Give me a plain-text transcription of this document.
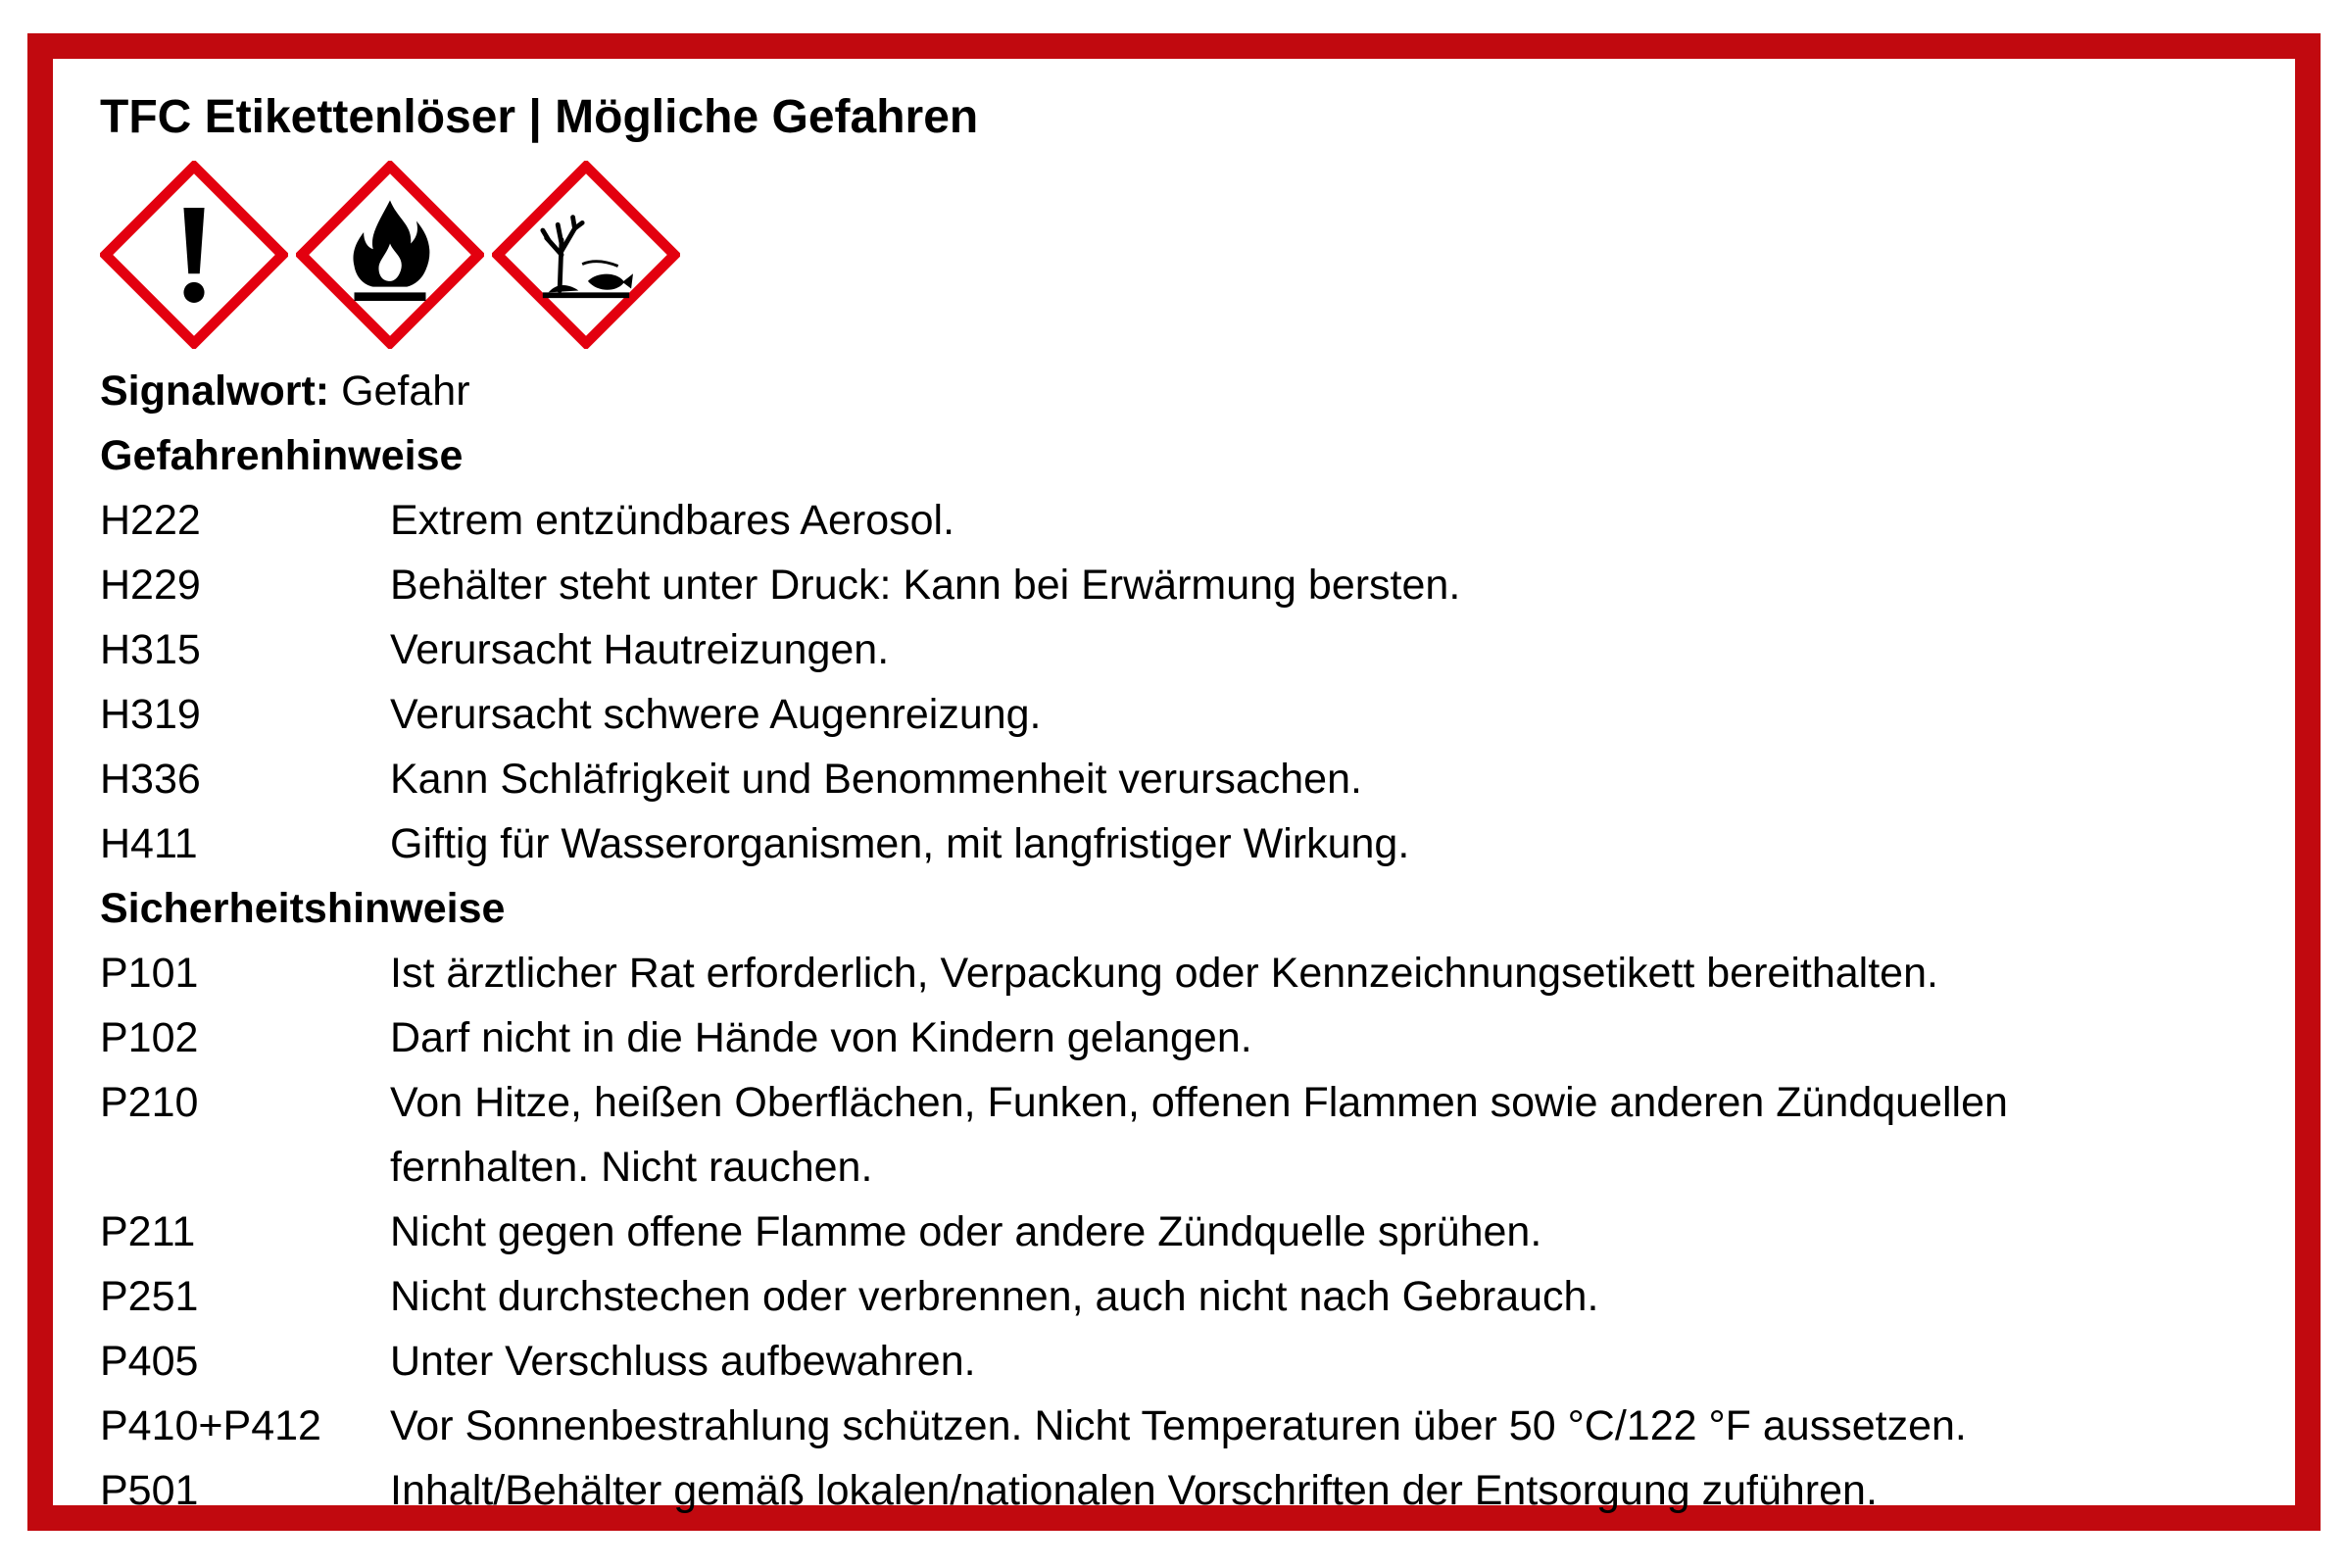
TFC Etikettenlöser | Mögliche Gefahren
Signalwort: Gefahr
Gefahrenhinweise
H222	Extrem entzündbares Aerosol.
H229	Behälter steht unter Druck: Kann bei Erwärmung bersten.
H315	Verursacht Hautreizungen.
H319	Verursacht schwere Augenreizung.
H336	Kann Schläfrigkeit und Benommenheit verursachen.
H411	Giftig für Wasserorganismen, mit langfristiger Wirkung.
Sicherheitshinweise
P101	Ist ärztlicher Rat erforderlich, Verpackung oder Kennzeichnungsetikett bereithalten.
P102	Darf nicht in die Hände von Kindern gelangen.
P210	Von Hitze, heißen Oberflächen, Funken, offenen Flammen sowie anderen Zündquellen fernhalten. Nicht rauchen.
P211	Nicht gegen offene Flamme oder andere Zündquelle sprühen.
P251	Nicht durchstechen oder verbrennen, auch nicht nach Gebrauch.
P405	Unter Verschluss aufbewahren.
P410+P412	Vor Sonnenbestrahlung schützen. Nicht Temperaturen über 50 °C/122 °F aussetzen.
P501	Inhalt/Behälter gemäß lokalen/nationalen Vorschriften der Entsorgung zuführen.
